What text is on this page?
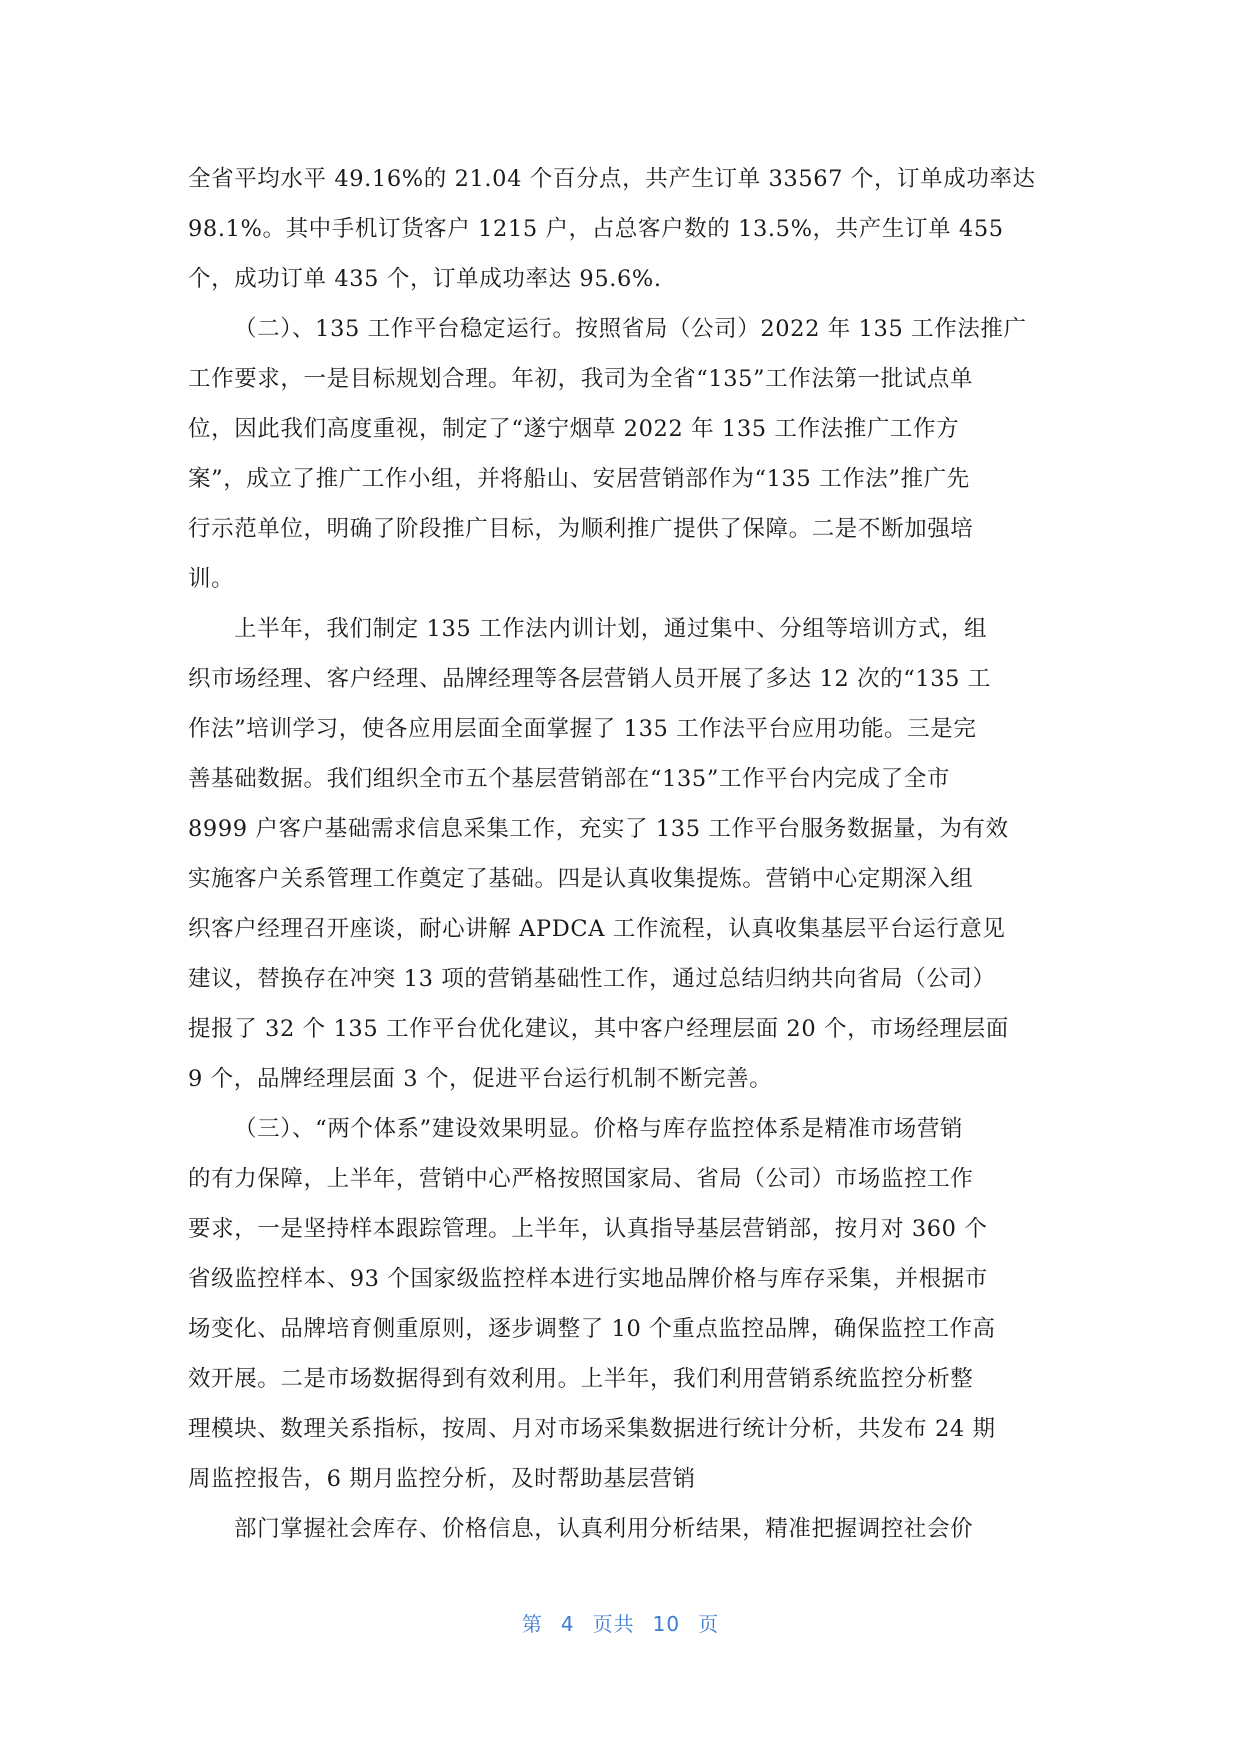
全省平均水平 49.16%的 21.04 个百分点，共产生订单 33567 个，订单成功率达
98.1%。其中手机订货客户 1215 户，占总客户数的 13.5%，共产生订单 455
个，成功订单 435 个，订单成功率达 95.6%.
（二）、135 工作平台稳定运行。按照省局（公司）2022 年 135 工作法推广
工作要求，一是目标规划合理。年初，我司为全省“135”工作法第一批试点单
位，因此我们高度重视，制定了“遂宁烟草 2022 年 135 工作法推广工作方
案”，成立了推广工作小组，并将船山、安居营销部作为“135 工作法”推广先
行示范单位，明确了阶段推广目标，为顺利推广提供了保障。二是不断加强培
训。
上半年，我们制定 135 工作法内训计划，通过集中、分组等培训方式，组
织市场经理、客户经理、品牌经理等各层营销人员开展了多达 12 次的“135 工
作法”培训学习，使各应用层面全面掌握了 135 工作法平台应用功能。三是完
善基础数据。我们组织全市五个基层营销部在“135”工作平台内完成了全市
8999 户客户基础需求信息采集工作，充实了 135 工作平台服务数据量，为有效
实施客户关系管理工作奠定了基础。四是认真收集提炼。营销中心定期深入组
织客户经理召开座谈，耐心讲解 APDCA 工作流程，认真收集基层平台运行意见
建议，替换存在冲突 13 项的营销基础性工作，通过总结归纳共向省局（公司）
提报了 32 个 135 工作平台优化建议，其中客户经理层面 20 个，市场经理层面
9 个，品牌经理层面 3 个，促进平台运行机制不断完善。
（三）、“两个体系”建设效果明显。价格与库存监控体系是精准市场营销
的有力保障，上半年，营销中心严格按照国家局、省局（公司）市场监控工作
要求，一是坚持样本跟踪管理。上半年，认真指导基层营销部，按月对 360 个
省级监控样本、93 个国家级监控样本进行实地品牌价格与库存采集，并根据市
场变化、品牌培育侧重原则，逐步调整了 10 个重点监控品牌，确保监控工作高
效开展。二是市场数据得到有效利用。上半年，我们利用营销系统监控分析整
理模块、数理关系指标，按周、月对市场采集数据进行统计分析，共发布 24 期
周监控报告，6 期月监控分析，及时帮助基层营销
部门掌握社会库存、价格信息，认真利用分析结果，精准把握调控社会价
第 4 页共 10 页
